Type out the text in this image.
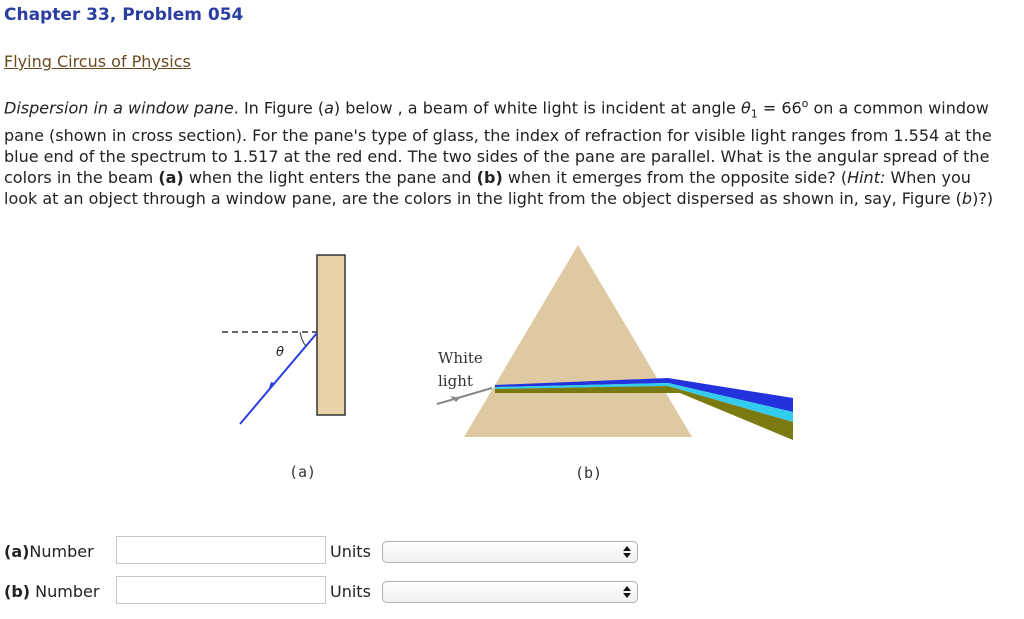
Chapter 33, Problem 054
Flying Circus of Physics
Dispersion in a window pane. In Figure (a) below , a beam of white light is incident at angle $\theta_1 = 66^o$ on a common window pane (shown in cross section). For the pane's type of glass, the index of refraction for visible light ranges from 1.554 at the blue end of the spectrum to 1.517 at the red end. The two sides of the pane are parallel. What is the angular spread of the colors in the beam (a) when the light enters the pane and (b) when it emerges from the opposite side? (Hint: When you look at an object through a window pane, are the colors in the light from the object dispersed as shown in, say, Figure (b)?)
θ	White
light
(a)	(b)
(a)Number	Units
(b) Number	Units
